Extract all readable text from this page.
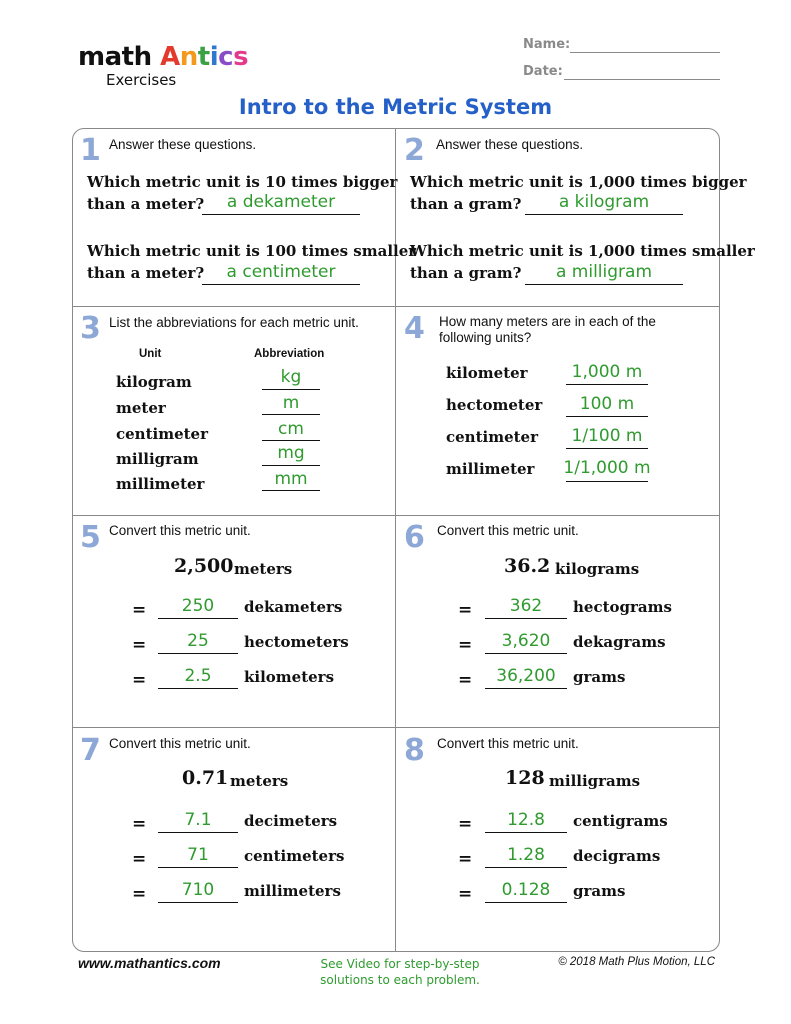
math Antics
Exercises
Name:
Date:
Intro to the Metric System
1 Answer these questions.
Which metric unit is 10 times bigger
than a meter?	a dekameter
Which metric unit is 100 times smaller
than a meter?	a centimeter
2 Answer these questions.
Which metric unit is 1,000 times bigger
than a gram?	a kilogram
Which metric unit is 1,000 times smaller
than a gram?	a milligram
3 List the abbreviations for each metric unit.
Unit	Abbreviation
kilogram	kg
meter	m
centimeter	cm
milligram	mg
millimeter	mm
4 How many meters are in each of the
following units?
kilometer	1,000 m
hectometer	100 m
centimeter	1/100 m
millimeter 1/1,000 m
5 Convert this metric unit.
2,500 meters
=	250	dekameters
=	25	hectometers
=	2.5	kilometers
6 Convert this metric unit.
36.2 kilograms
=	362	hectograms
=	3,620	dekagrams
=	36,200	grams
7 Convert this metric unit.
0.71 meters
=	7.1	decimeters
=	71	centimeters
=	710	millimeters
8 Convert this metric unit.
128 milligrams
=	12.8	centigrams
=	1.28	decigrams
=	0.128	grams
www.mathantics.com	See Video for step-by-step
solutions to each problem.
© 2018 Math Plus Motion, LLC
